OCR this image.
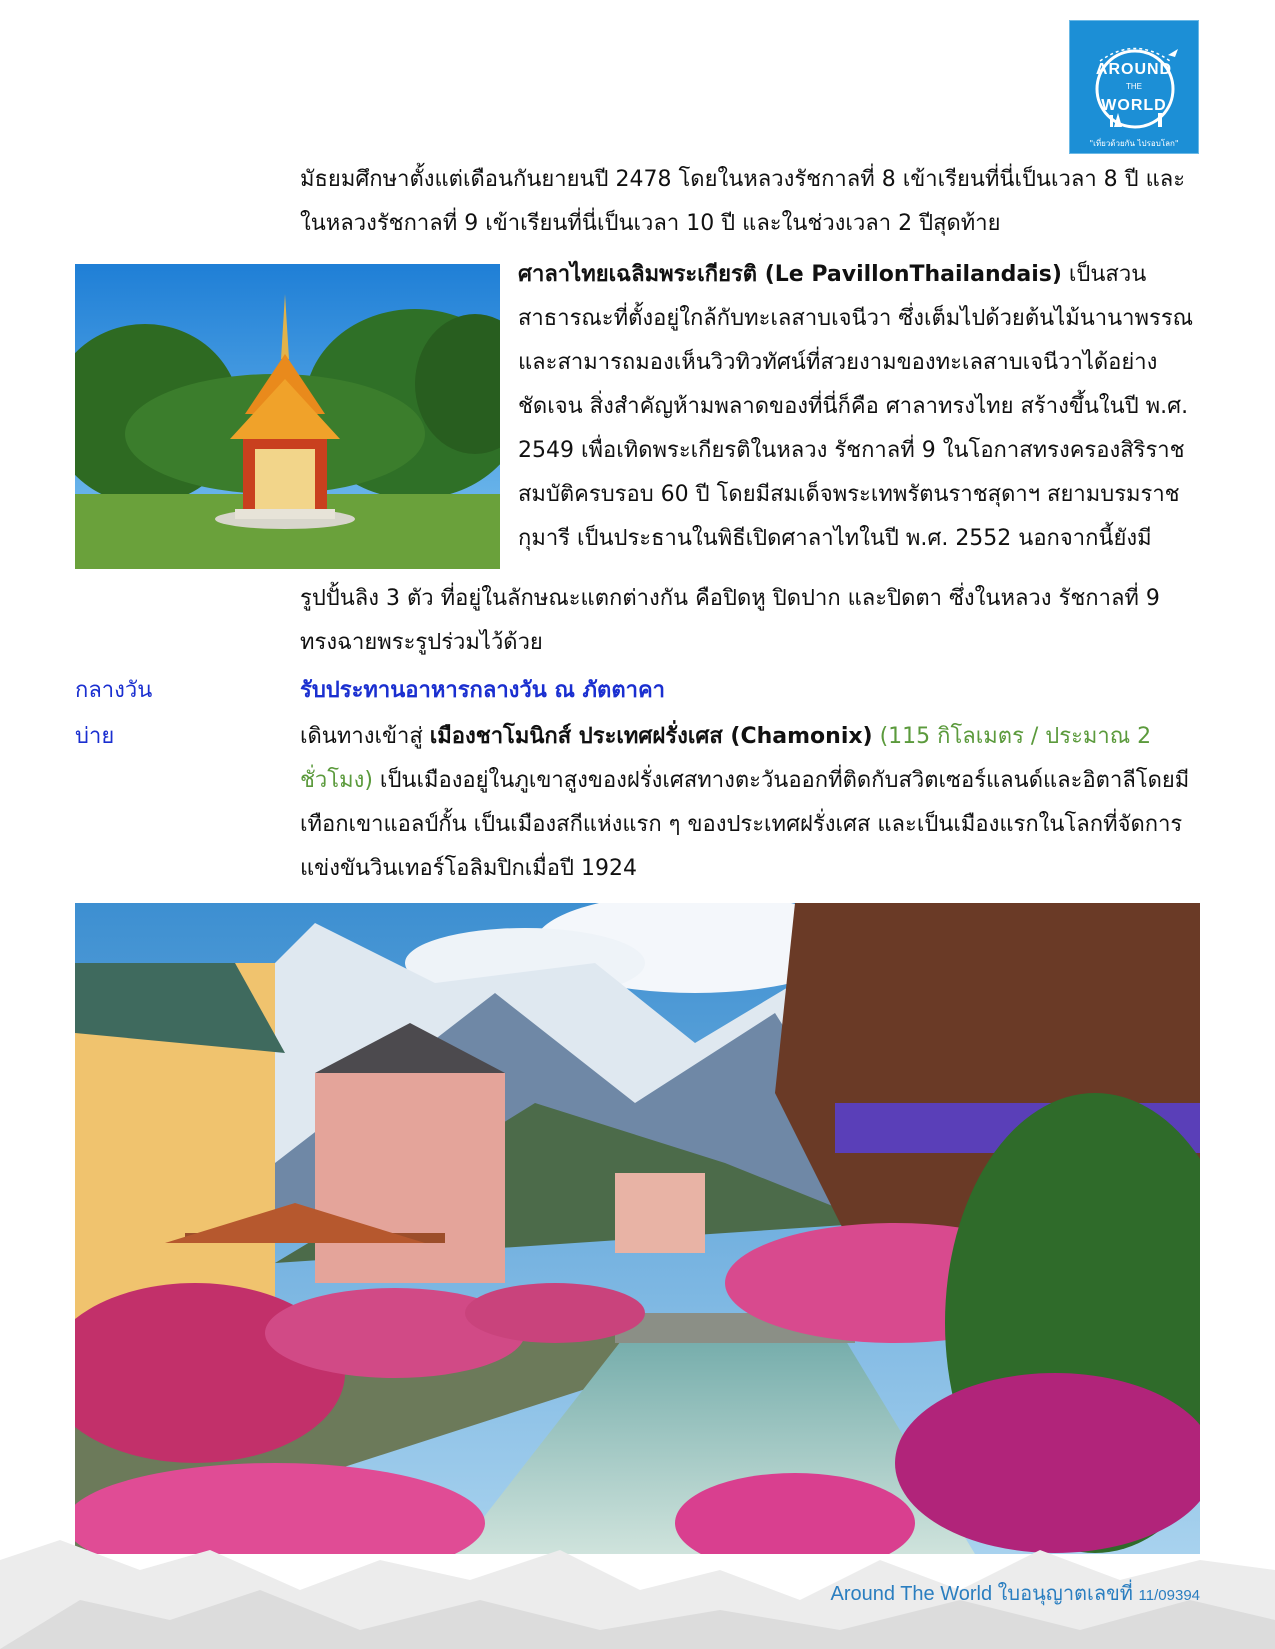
AROUND
THE
WORLD
"เที่ยวด้วยกัน ไปรอบโลก"
มัธยมศึกษาตั้งแต่เดือนกันยายนปี 2478 โดยในหลวงรัชกาลที่ 8 เข้าเรียนที่นี่เป็นเวลา 8 ปี และในหลวงรัชกาลที่ 9 เข้าเรียนที่นี่เป็นเวลา 10 ปี และในช่วงเวลา 2 ปีสุดท้าย
ศาลาไทยเฉลิมพระเกียรติ (Le PavillonThailandais) เป็นสวนสาธารณะที่ตั้งอยู่ใกล้กับทะเลสาบเจนีวา ซึ่งเต็มไปด้วยต้นไม้นานาพรรณ และสามารถมองเห็นวิวทิวทัศน์ที่สวยงามของทะเลสาบเจนีวาได้อย่างชัดเจน สิ่งสำคัญห้ามพลาดของที่นี่ก็คือ ศาลาทรงไทย สร้างขึ้นในปี พ.ศ. 2549 เพื่อเทิดพระเกียรติในหลวง รัชกาลที่ 9 ในโอกาสทรงครองสิริราชสมบัติครบรอบ 60 ปี โดยมีสมเด็จพระเทพรัตนราชสุดาฯ สยามบรมราชกุมารี เป็นประธานในพิธีเปิดศาลาไทในปี พ.ศ. 2552 นอกจากนี้ยังมี
รูปปั้นลิง 3 ตัว ที่อยู่ในลักษณะแตกต่างกัน คือปิดหู ปิดปาก และปิดตา ซึ่งในหลวง รัชกาลที่ 9 ทรงฉายพระรูปร่วมไว้ด้วย
กลางวัน	รับประทานอาหารกลางวัน ณ ภัตตาคา
บ่าย	เดินทางเข้าสู่ เมืองชาโมนิกส์ ประเทศฝรั่งเศส (Chamonix) (115 กิโลเมตร / ประมาณ 2 ชั่วโมง) เป็นเมืองอยู่ในภูเขาสูงของฝรั่งเศสทางตะวันออกที่ติดกับสวิตเซอร์แลนด์และอิตาลีโดยมีเทือกเขาแอลป์กั้น เป็นเมืองสกีแห่งแรก ๆ ของประเทศฝรั่งเศส และเป็นเมืองแรกในโลกที่จัดการแข่งขันวินเทอร์โอลิมปิกเมื่อปี 1924
Around The World ใบอนุญาตเลขที่ 11/09394
